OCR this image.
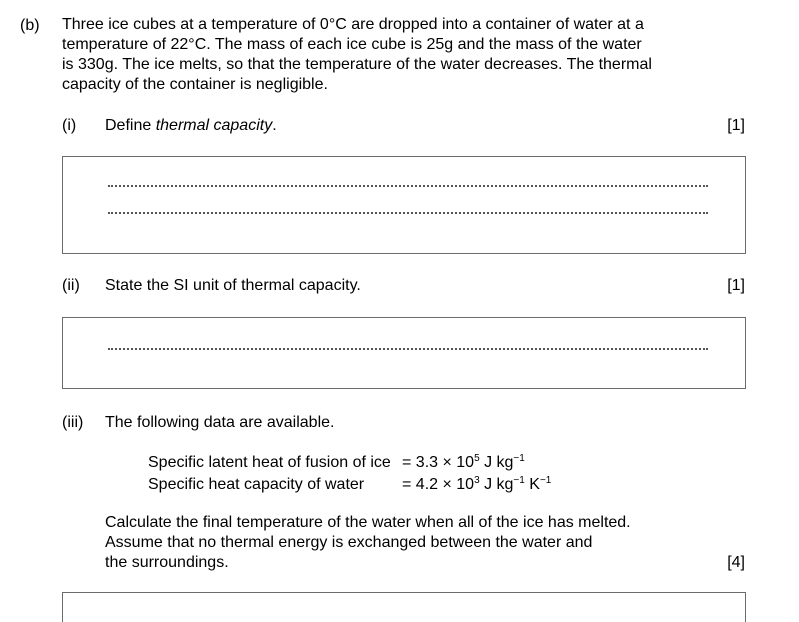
(b) Three ice cubes at a temperature of 0°C are dropped into a container of water at a
temperature of 22°C. The mass of each ice cube is 25g and the mass of the water
is 330g. The ice melts, so that the temperature of the water decreases. The thermal
capacity of the container is negligible.
(i) Define thermal capacity.	[1]
(ii) State the SI unit of thermal capacity.	[1]
(iii) The following data are available.
Specific latent heat of fusion of ice = $3.3 \times 10^5$ J $kg^{-1}$
Specific heat capacity of water = $4.2 \times 10^3$ J $kg^{-1}$ $K^{-1}$
Calculate the final temperature of the water when all of the ice has melted.
Assume that no thermal energy is exchanged between the water and
the surroundings.	[4]
